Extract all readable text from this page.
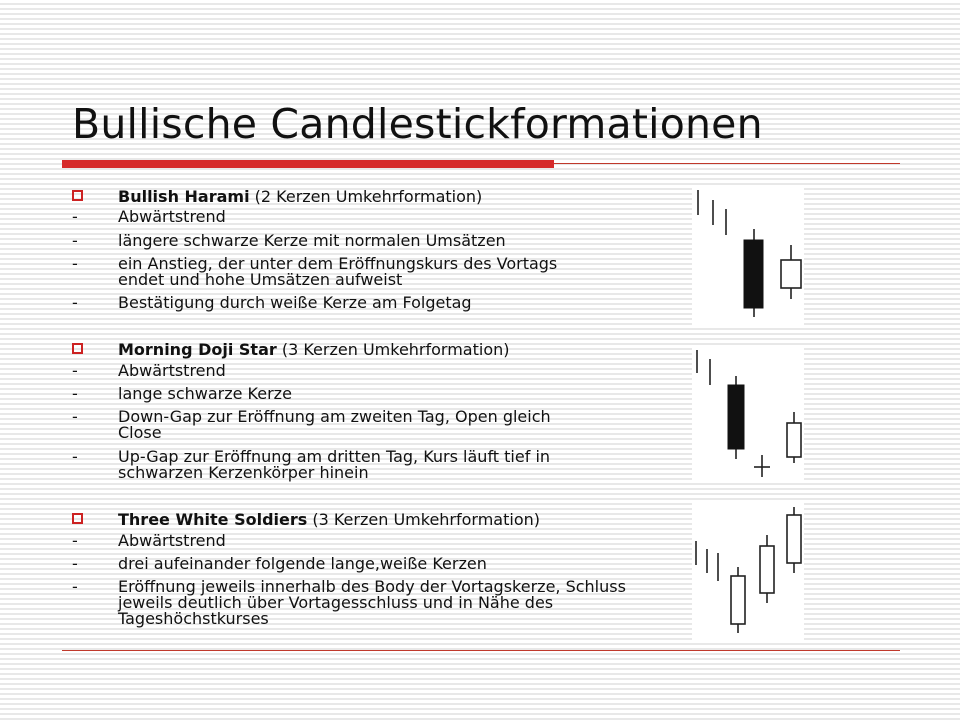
Bullische Candlestickformationen
Bullish Harami (2 Kerzen Umkehrformation)
-	Abwärtstrend
-	längere schwarze Kerze mit normalen Umsätzen
-	ein Anstieg, der unter dem Eröffnungskurs des Vortags endet und hohe Umsätzen aufweist
-	Bestätigung durch weiße Kerze am Folgetag
Morning Doji Star (3 Kerzen Umkehrformation)
-	Abwärtstrend
-	lange schwarze Kerze
-	Down-Gap zur Eröffnung am zweiten Tag, Open gleich Close
-	Up-Gap zur Eröffnung am dritten Tag, Kurs läuft tief in schwarzen Kerzenkörper hinein
Three White Soldiers (3 Kerzen Umkehrformation)
-	Abwärtstrend
-	drei aufeinander folgende lange,weiße Kerzen
-	Eröffnung jeweils innerhalb des Body der Vortagskerze, Schluss jeweils deutlich über Vortagesschluss und in Nähe des Tageshöchstkurses
